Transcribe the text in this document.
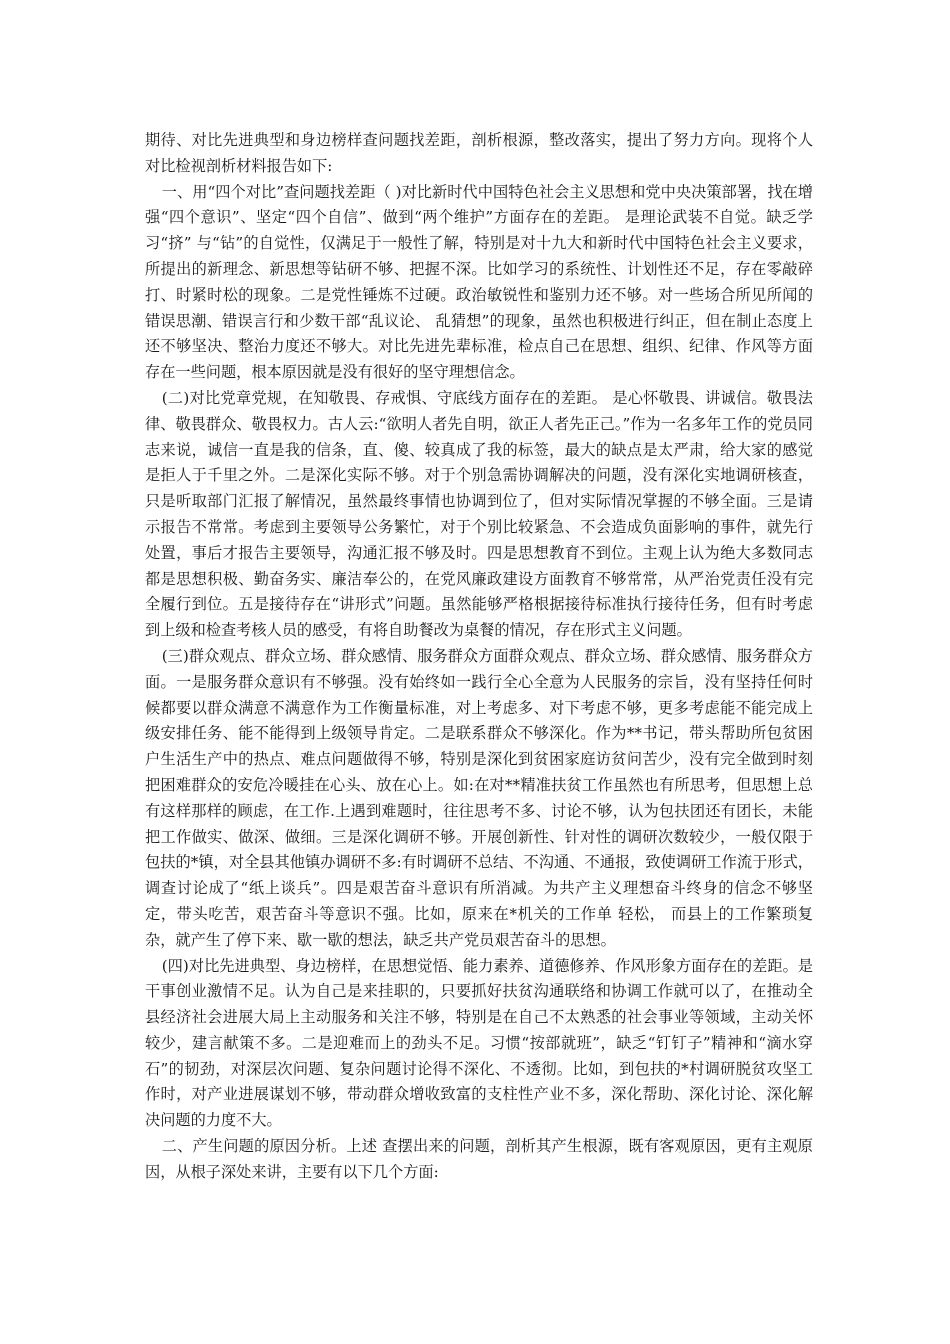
期待、对比先进典型和身边榜样查问题找差距，剖析根源，整改落实，提出了努力方向。现将个人对比检视剖析材料报告如下:

一、用“四个对比”查问题找差距（ )对比新时代中国特色社会主义思想和党中央决策部署，找在增强“四个意识”、坚定“四个自信”、做到“两个维护”方面存在的差距。 是理论武装不自觉。缺乏学习“挤” 与“钻”的自觉性，仅满足于一般性了解，特别是对十九大和新时代中国特色社会主义要求，所提出的新理念、新思想等钻研不够、把握不深。比如学习的系统性、计划性还不足，存在零敲碎打、时紧时松的现象。二是党性锤炼不过硬。政治敏锐性和鉴别力还不够。对一些场合所见所闻的错误思潮、错误言行和少数干部“乱议论、 乱猜想”的现象，虽然也积极进行纠正，但在制止态度上还不够坚决、整治力度还不够大。对比先进先辈标准，检点自己在思想、组织、纪律、作风等方面存在一些问题，根本原因就是没有很好的坚守理想信念。

(二)对比党章党规，在知敬畏、存戒惧、守底线方面存在的差距。 是心怀敬畏、讲诚信。敬畏法律、敬畏群众、敬畏权力。古人云:“欲明人者先自明，欲正人者先正己。”作为一名多年工作的党员同志来说，诚信一直是我的信条，直、傻、较真成了我的标签，最大的缺点是太严肃，给大家的感觉是拒人于千里之外。二是深化实际不够。对于个别急需协调解决的问题，没有深化实地调研核查，只是听取部门汇报了解情况，虽然最终事情也协调到位了，但对实际情况掌握的不够全面。三是请示报告不常常。考虑到主要领导公务繁忙，对于个别比较紧急、不会造成负面影响的事件，就先行处置，事后才报告主要领导，沟通汇报不够及时。四是思想教育不到位。主观上认为绝大多数同志都是思想积极、勤奋务实、廉洁奉公的，在党风廉政建设方面教育不够常常，从严治党责任没有完全履行到位。五是接待存在“讲形式”问题。虽然能够严格根据接待标准执行接待任务，但有时考虑到上级和检查考核人员的感受，有将自助餐改为桌餐的情况，存在形式主义问题。

(三)群众观点、群众立场、群众感情、服务群众方面群众观点、群众立场、群众感情、服务群众方面。一是服务群众意识有不够强。没有始终如一践行全心全意为人民服务的宗旨，没有坚持任何时候都要以群众满意不满意作为工作衡量标准，对上考虑多、对下考虑不够，更多考虑能不能完成上级安排任务、能不能得到上级领导肯定。二是联系群众不够深化。作为**书记，带头帮助所包贫困户生活生产中的热点、难点问题做得不够，特别是深化到贫困家庭访贫问苦少，没有完全做到时刻把困难群众的安危冷暖挂在心头、放在心上。如:在对**精准扶贫工作虽然也有所思考，但思想上总有这样那样的顾虑，在工作.上遇到难题时，往往思考不多、讨论不够，认为包扶团还有团长，未能把工作做实、做深、做细。三是深化调研不够。开展创新性、针对性的调研次数较少，一般仅限于包扶的*镇，对全县其他镇办调研不多:有时调研不总结、不沟通、不通报，致使调研工作流于形式，调查讨论成了“纸上谈兵”。四是艰苦奋斗意识有所消减。为共产主义理想奋斗终身的信念不够坚定，带头吃苦，艰苦奋斗等意识不强。比如，原来在*机关的工作单 轻松， 而县上的工作繁琐复杂，就产生了停下来、歇一歇的想法，缺乏共产党员艰苦奋斗的思想。

(四)对比先进典型、身边榜样，在思想觉悟、能力素养、道德修养、作风形象方面存在的差距。是干事创业激情不足。认为自己是来挂职的，只要抓好扶贫沟通联络和协调工作就可以了，在推动全县经济社会进展大局上主动服务和关注不够，特别是在自己不太熟悉的社会事业等领域，主动关怀较少，建言献策不多。二是迎难而上的劲头不足。习惯“按部就班”，缺乏“钉钉子”精神和“滴水穿石”的韧劲，对深层次问题、复杂问题讨论得不深化、不透彻。比如，到包扶的*村调研脱贫攻坚工作时，对产业进展谋划不够，带动群众增收致富的支柱性产业不多，深化帮助、深化讨论、深化解决问题的力度不大。

二、产生问题的原因分析。上述 查摆出来的问题，剖析其产生根源，既有客观原因，更有主观原因，从根子深处来讲，主要有以下几个方面:
